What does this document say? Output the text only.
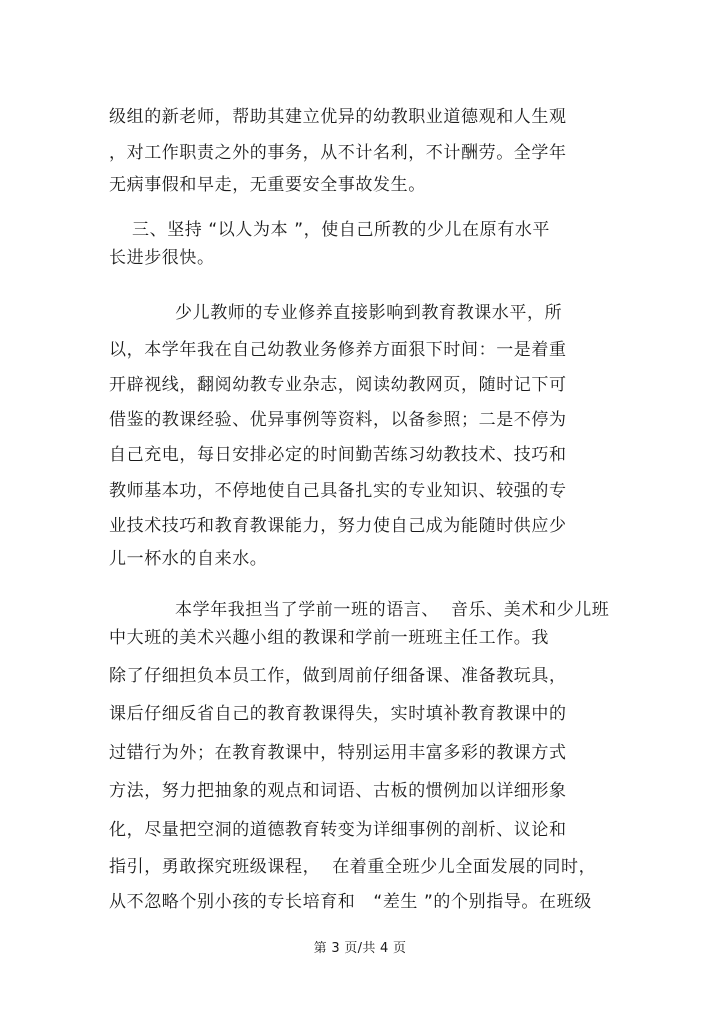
级组的新老师，帮助其建立优异的幼教职业道德观和人生观
，对工作职责之外的事务，从不计名利，不计酬劳。全学年
无病事假和早走，无重要安全事故发生。
三、坚持 “以人为本 ”，使自己所教的少儿在原有水平
长进步很快。
少儿教师的专业修养直接影响到教育教课水平，所
以，本学年我在自己幼教业务修养方面狠下时间：一是着重
开辟视线，翻阅幼教专业杂志，阅读幼教网页，随时记下可
借鉴的教课经验、优异事例等资料，以备参照；二是不停为
自己充电，每日安排必定的时间勤苦练习幼教技术、技巧和
教师基本功，不停地使自己具备扎实的专业知识、较强的专
业技术技巧和教育教课能力，努力使自己成为能随时供应少
儿一杯水的自来水。
本学年我担当了学前一班的语言、  音乐、美术和少儿班
中大班的美术兴趣小组的教课和学前一班班主任工作。我
除了仔细担负本员工作，做到周前仔细备课、准备教玩具，
课后仔细反省自己的教育教课得失，实时填补教育教课中的
过错行为外；在教育教课中，特别运用丰富多彩的教课方式
方法，努力把抽象的观点和词语、古板的惯例加以详细形象
化，尽量把空洞的道德教育转变为详细事例的剖析、议论和
指引，勇敢探究班级课程，  在着重全班少儿全面发展的同时，
从不忽略个别小孩的专长培育和   “差生 ”的个别指导。在班级
第 3 页/共 4 页
